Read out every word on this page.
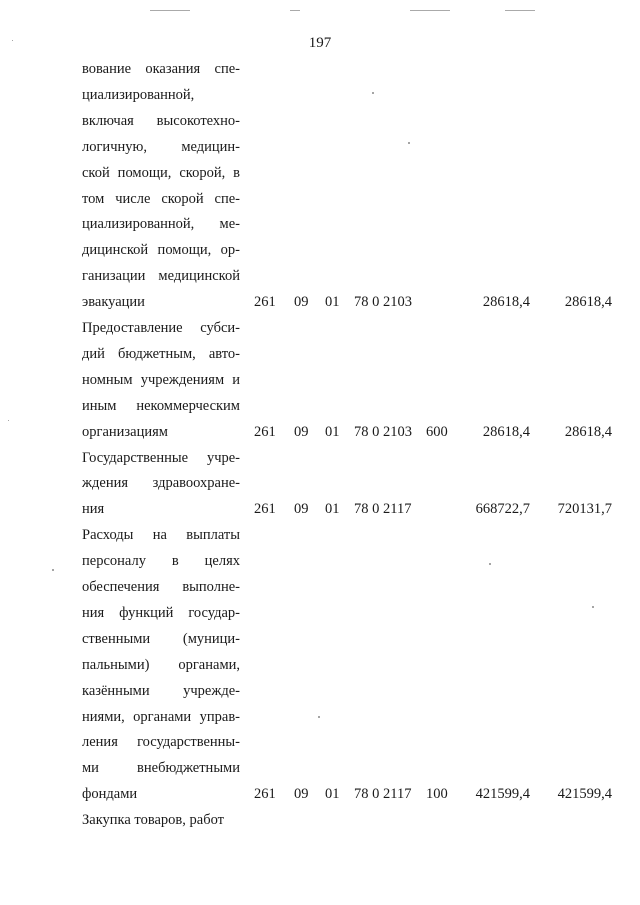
197
вование оказания спе-
циализированной,
включая высокотехно-
логичную, медицин-
ской помощи, скорой, в
том числе скорой спе-
циализированной, ме-
дицинской помощи, ор-
ганизации медицинской
эвакуации	261 09 01 78 0 2103	28618,4 28618,4
Предоставление субси-
дий бюджетным, авто-
номным учреждениям и
иным некоммерческим
организациям	261 09 01 78 0 2103 600 28618,4 28618,4
Государственные учре-
ждения здравоохране-
ния	261 09 01 78 0 2117	668722,7 720131,7
Расходы на выплаты
персоналу в целях
обеспечения выполне-
ния функций государ-
ственными (муници-
пальными) органами,
казёнными учрежде-
ниями, органами управ-
ления государственны-
ми внебюджетными
фондами	261 09 01 78 0 2117 100 421599,4 421599,4
Закупка товаров, работ
